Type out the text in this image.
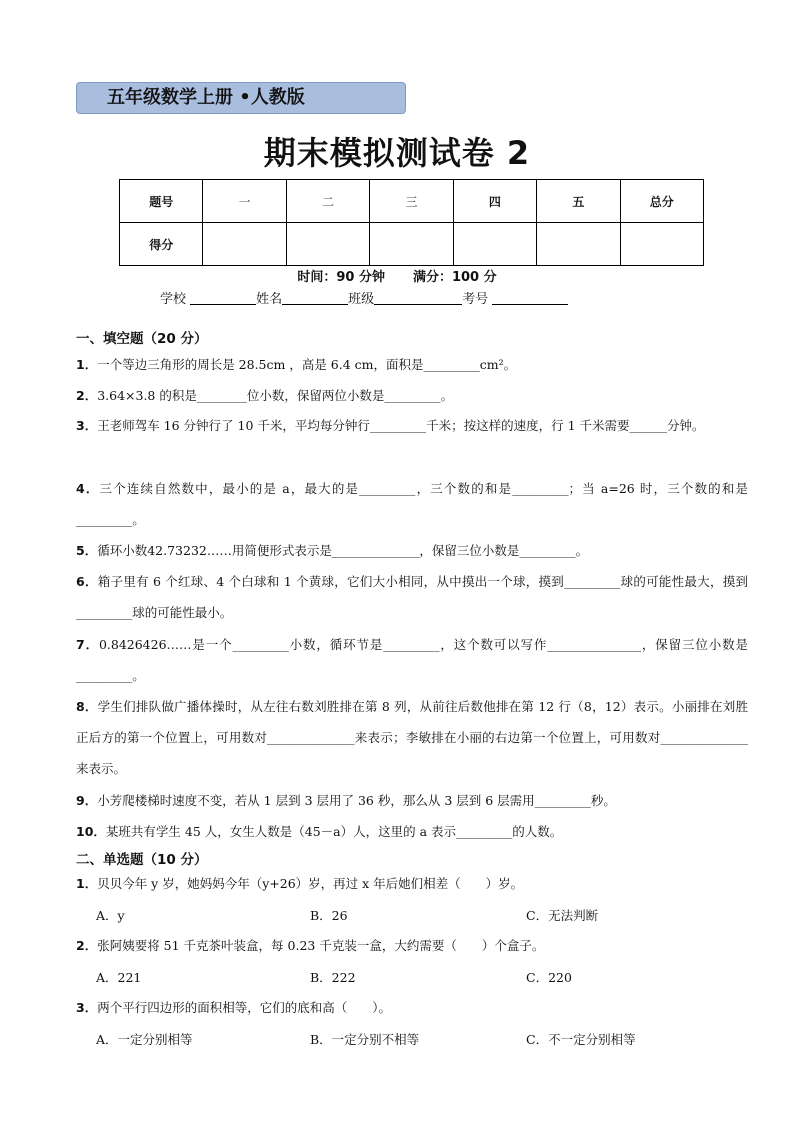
五年级数学上册 •人教版
期末模拟测试卷 2
题号	一	二	三	四	五	总分
得分						
时间：90 分钟 满分：100 分
学校	姓名	班级	考号
一、填空题（20 分）
1．一个等边三角形的周长是 28.5cm ，高是 6.4 cm，面积是_________cm²。
2．3.64×3.8 的积是________位小数，保留两位小数是_________。
3．王老师驾车 16 分钟行了 10 千米，平均每分钟行_________千米；按这样的速度，行 1 千米需要______分钟。
4．三个连续自然数中，最小的是 a，最大的是_________，三个数的和是_________；当 a=26 时，三个数的和是_________。
5．循环小数42.73232……用简便形式表示是______________，保留三位小数是_________。
6．箱子里有 6 个红球、4 个白球和 1 个黄球，它们大小相同，从中摸出一个球，摸到_________球的可能性最大，摸到_________球的可能性最小。
7．0.8426426……是一个_________小数，循环节是_________，这个数可以写作_______________，保留三位小数是_________。
8．学生们排队做广播体操时，从左往右数刘胜排在第 8 列，从前往后数他排在第 12 行（8，12）表示。小丽排在刘胜正后方的第一个位置上，可用数对______________来表示；李敏排在小丽的右边第一个位置上，可用数对______________来表示。
9．小芳爬楼梯时速度不变，若从 1 层到 3 层用了 36 秒，那么从 3 层到 6 层需用_________秒。
10．某班共有学生 45 人，女生人数是（45－a）人，这里的 a 表示_________的人数。
二、单选题（10 分）
1．贝贝今年 y 岁，她妈妈今年（y+26）岁，再过 x 年后她们相差（　　）岁。
A．y	B．26	C．无法判断
2．张阿姨要将 51 千克茶叶装盒，每 0.23 千克装一盒，大约需要（　　）个盒子。
A．221	B．222	C．220
3．两个平行四边形的面积相等，它们的底和高（　　）。
A．一定分别相等	B．一定分别不相等	C．不一定分别相等
